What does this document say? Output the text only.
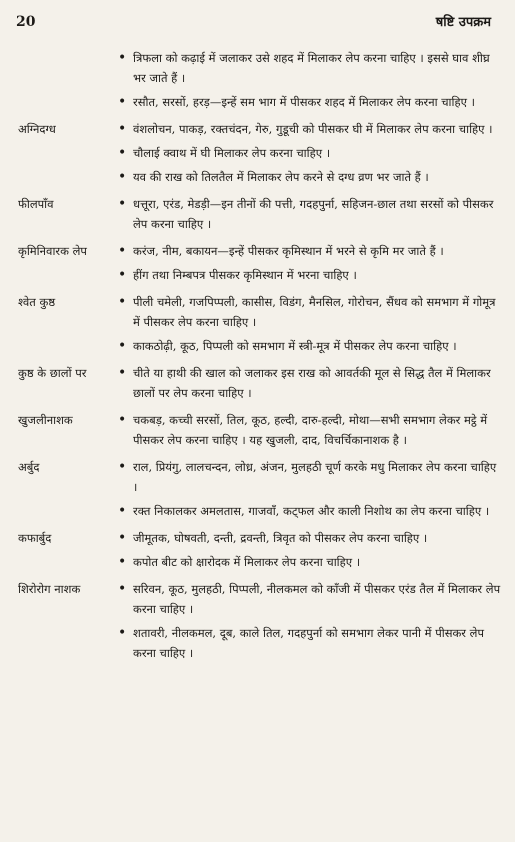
20	षष्टि उपक्रम
• त्रिफला को कढ़ाई में जलाकर उसे शहद में मिलाकर लेप करना चाहिए । इससे घाव शीघ्र भर जाते हैं ।
• रसौत, सरसों, हरड़—इन्हें सम भाग में पीसकर शहद में मिलाकर लेप करना चाहिए ।
अग्निदग्ध	• वंशलोचन, पाकड़, रक्तचंदन, गेरु, गुडूची को पीसकर घी में मिलाकर लेप करना चाहिए ।
• चौलाई क्वाथ में घी मिलाकर लेप करना चाहिए ।
• यव की राख को तिलतैल में मिलाकर लेप करने से दग्ध व्रण भर जाते हैं ।
फीलपाँव	• धत्तूरा, एरंड, मेडड़ी—इन तीनों की पत्ती, गदहपुर्ना, सहिजन-छाल तथा सरसों को पीसकर लेप करना चाहिए ।
कृमिनिवारक लेप	• करंज, नीम, बकायन—इन्हें पीसकर कृमिस्थान में भरने से कृमि मर जाते हैं ।
• हींग तथा निम्बपत्र पीसकर कृमिस्थान में भरना चाहिए ।
श्वेत कुष्ठ	• पीली चमेली, गजपिप्पली, कासीस, विडंग, मैनसिल, गोरोचन, सैंधव को समभाग में गोमूत्र में पीसकर लेप करना चाहिए ।
• काकठोढ़ी, कूठ, पिप्पली को समभाग में स्त्री-मूत्र में पीसकर लेप करना चाहिए ।
कुष्ठ के छालों पर	• चीते या हाथी की खाल को जलाकर इस राख को आवर्तकी मूल से सिद्ध तैल में मिलाकर छालों पर लेप करना चाहिए ।
खुजलीनाशक	• चकबड़, कच्ची सरसों, तिल, कूठ, हल्दी, दारु-हल्दी, मोथा—सभी समभाग लेकर मट्ठे में पीसकर लेप करना चाहिए । यह खुजली, दाद, विचर्चिकानाशक है ।
अर्बुद	• राल, प्रियंगु, लालचन्दन, लोध्र, अंजन, मुलहठी चूर्ण करके मधु मिलाकर लेप करना चाहिए ।
• रक्त निकालकर अमलतास, गाजवाँ, कट्फल और काली निशोथ का लेप करना चाहिए ।
कफार्बुद	• जीमूतक, घोषवती, दन्ती, द्रवन्ती, त्रिवृत को पीसकर लेप करना चाहिए ।
• कपोत बीट को क्षारोदक में मिलाकर लेप करना चाहिए ।
शिरोरोग नाशक	• सरिवन, कूठ, मुलहठी, पिप्पली, नीलकमल को काँजी में पीसकर एरंड तैल में मिलाकर लेप करना चाहिए ।
• शतावरी, नीलकमल, दूब, काले तिल, गदहपुर्ना को समभाग लेकर पानी में पीसकर लेप करना चाहिए ।
